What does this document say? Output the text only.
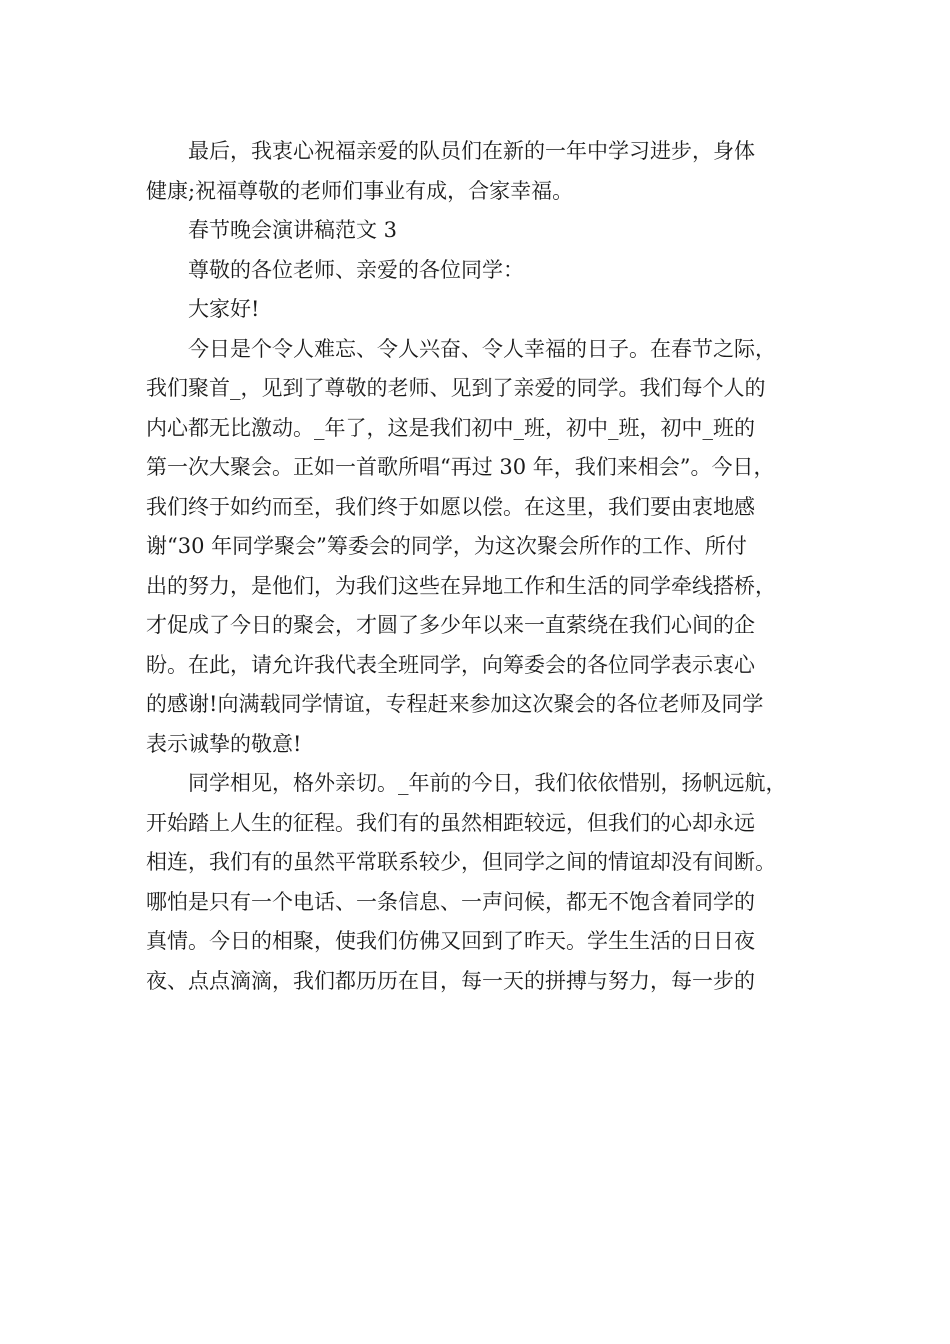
最后，我衷心祝福亲爱的队员们在新的一年中学习进步，身体
健康;祝福尊敬的老师们事业有成，合家幸福。

春节晚会演讲稿范文 3

尊敬的各位老师、亲爱的各位同学：

大家好!

今日是个令人难忘、令人兴奋、令人幸福的日子。在春节之际，
我们聚首_，见到了尊敬的老师、见到了亲爱的同学。我们每个人的
内心都无比激动。_年了，这是我们初中_班，初中_班，初中_班的
第一次大聚会。正如一首歌所唱“再过 30 年，我们来相会”。今日，
我们终于如约而至，我们终于如愿以偿。在这里，我们要由衷地感
谢“30 年同学聚会”筹委会的同学，为这次聚会所作的工作、所付
出的努力，是他们，为我们这些在异地工作和生活的同学牵线搭桥，
才促成了今日的聚会，才圆了多少年以来一直萦绕在我们心间的企
盼。在此，请允许我代表全班同学，向筹委会的各位同学表示衷心
的感谢!向满载同学情谊，专程赶来参加这次聚会的各位老师及同学
表示诚挚的敬意!

同学相见，格外亲切。_年前的今日，我们依依惜别，扬帆远航，
开始踏上人生的征程。我们有的虽然相距较远，但我们的心却永远
相连，我们有的虽然平常联系较少，但同学之间的情谊却没有间断。
哪怕是只有一个电话、一条信息、一声问候，都无不饱含着同学的
真情。今日的相聚，使我们仿佛又回到了昨天。学生生活的日日夜
夜、点点滴滴，我们都历历在目，每一天的拼搏与努力，每一步的
